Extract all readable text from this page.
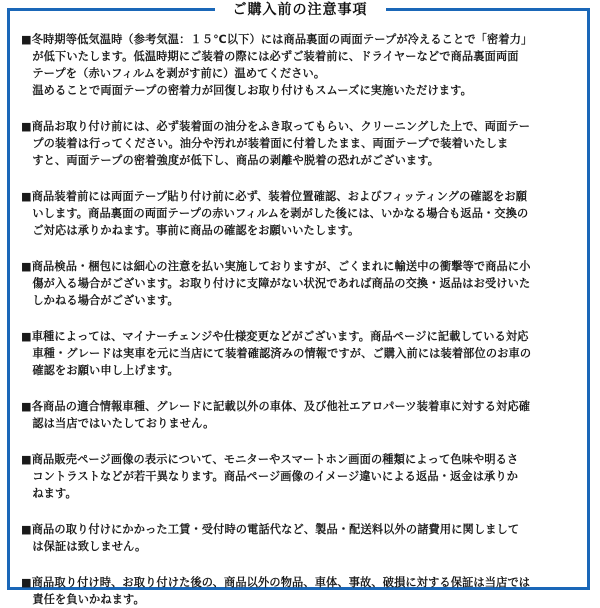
ご購入前の注意事項

■冬時期等低気温時（参考気温：１５℃以下）には商品裏面の両面テープが冷えることで「密着力」
　が低下いたします。低温時期にご装着の際には必ずご装着前に、ドライヤーなどで商品裏面両面
　テープを（赤いフィルムを剥がす前に）温めてください。
　温めることで両面テープの密着力が回復しお取り付けもスムーズに実施いただけます。

■商品お取り付け前には、必ず装着面の油分をふき取ってもらい、クリーニングした上で、両面テー
　プの装着は行ってください。油分や汚れが装着面に付着したまま、両面テープで装着いたしま
　すと、両面テープの密着強度が低下し、商品の剥離や脱着の恐れがございます。

■商品装着前には両面テープ貼り付け前に必ず、装着位置確認、およびフィッティングの確認をお願
　いします。商品裏面の両面テープの赤いフィルムを剥がした後には、いかなる場合も返品・交換の
　ご対応は承りかねます。事前に商品の確認をお願いいたします。

■商品検品・梱包には細心の注意を払い実施しておりますが、ごくまれに輸送中の衝撃等で商品に小
　傷が入る場合がございます。お取り付けに支障がない状況であれば商品の交換・返品はお受けいた
　しかねる場合がございます。

■車種によっては、マイナーチェンジや仕様変更などがございます。商品ページに記載している対応
　車種・グレードは実車を元に当店にて装着確認済みの情報ですが、ご購入前には装着部位のお車の
　確認をお願い申し上げます。

■各商品の適合情報車種、グレードに記載以外の車体、及び他社エアロパーツ装着車に対する対応確
　認は当店ではいたしておりません。

■商品販売ページ画像の表示について、モニターやスマートホン画面の種類によって色味や明るさ
　コントラストなどが若干異なります。商品ページ画像のイメージ違いによる返品・返金は承りか
　ねます。

■商品の取り付けにかかった工賃・受付時の電話代など、製品・配送料以外の諸費用に関しまして
　は保証は致しません。

■商品取り付け時、お取り付けた後の、商品以外の物品、車体、事故、破損に対する保証は当店では
　責任を負いかねます。
